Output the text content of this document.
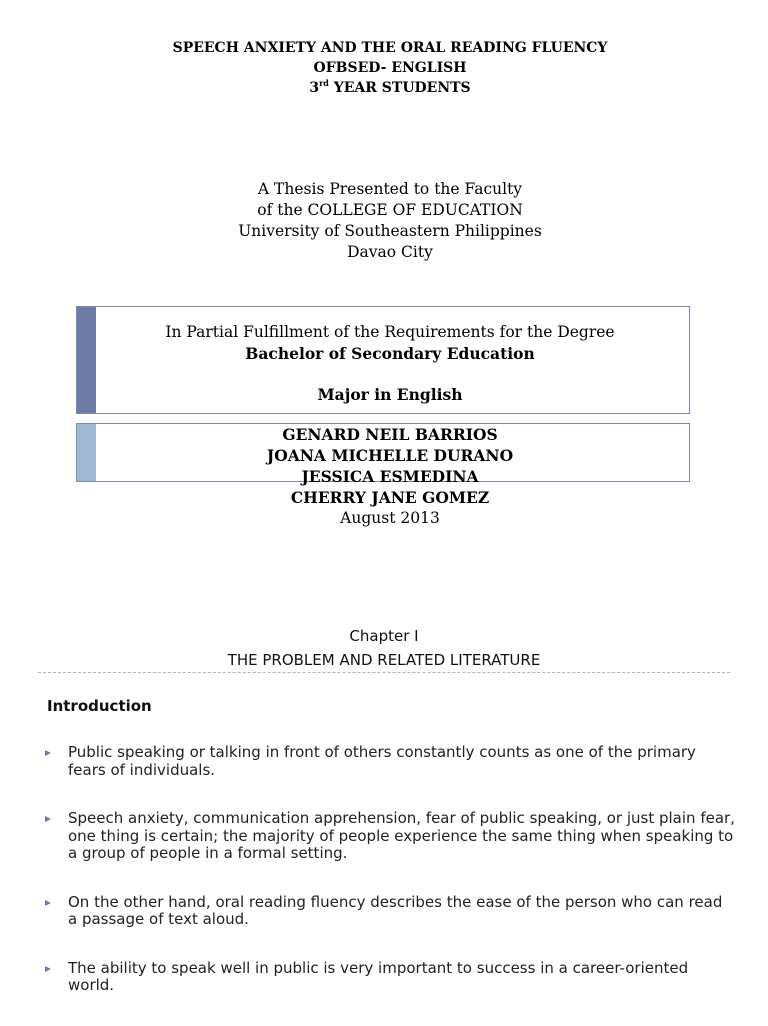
SPEECH ANXIETY AND THE ORAL READING FLUENCY
OFBSED- ENGLISH
3rd YEAR STUDENTS
A Thesis Presented to the Faculty
of the COLLEGE OF EDUCATION
University of Southeastern Philippines
Davao City
In Partial Fulfillment of the Requirements for the Degree
Bachelor of Secondary Education
Major in English
GENARD NEIL BARRIOS
JOANA MICHELLE DURANO
JESSICA ESMEDINA
CHERRY JANE GOMEZ
August 2013
Chapter I
THE PROBLEM AND RELATED LITERATURE
Introduction
Public speaking or talking in front of others constantly counts as one of the primary fears of individuals.
Speech anxiety, communication apprehension, fear of public speaking, or just plain fear, one thing is certain; the majority of people experience the same thing when speaking to a group of people in a formal setting.
On the other hand, oral reading fluency describes the ease of the person who can read a passage of text aloud.
The ability to speak well in public is very important to success in a career-oriented world.
